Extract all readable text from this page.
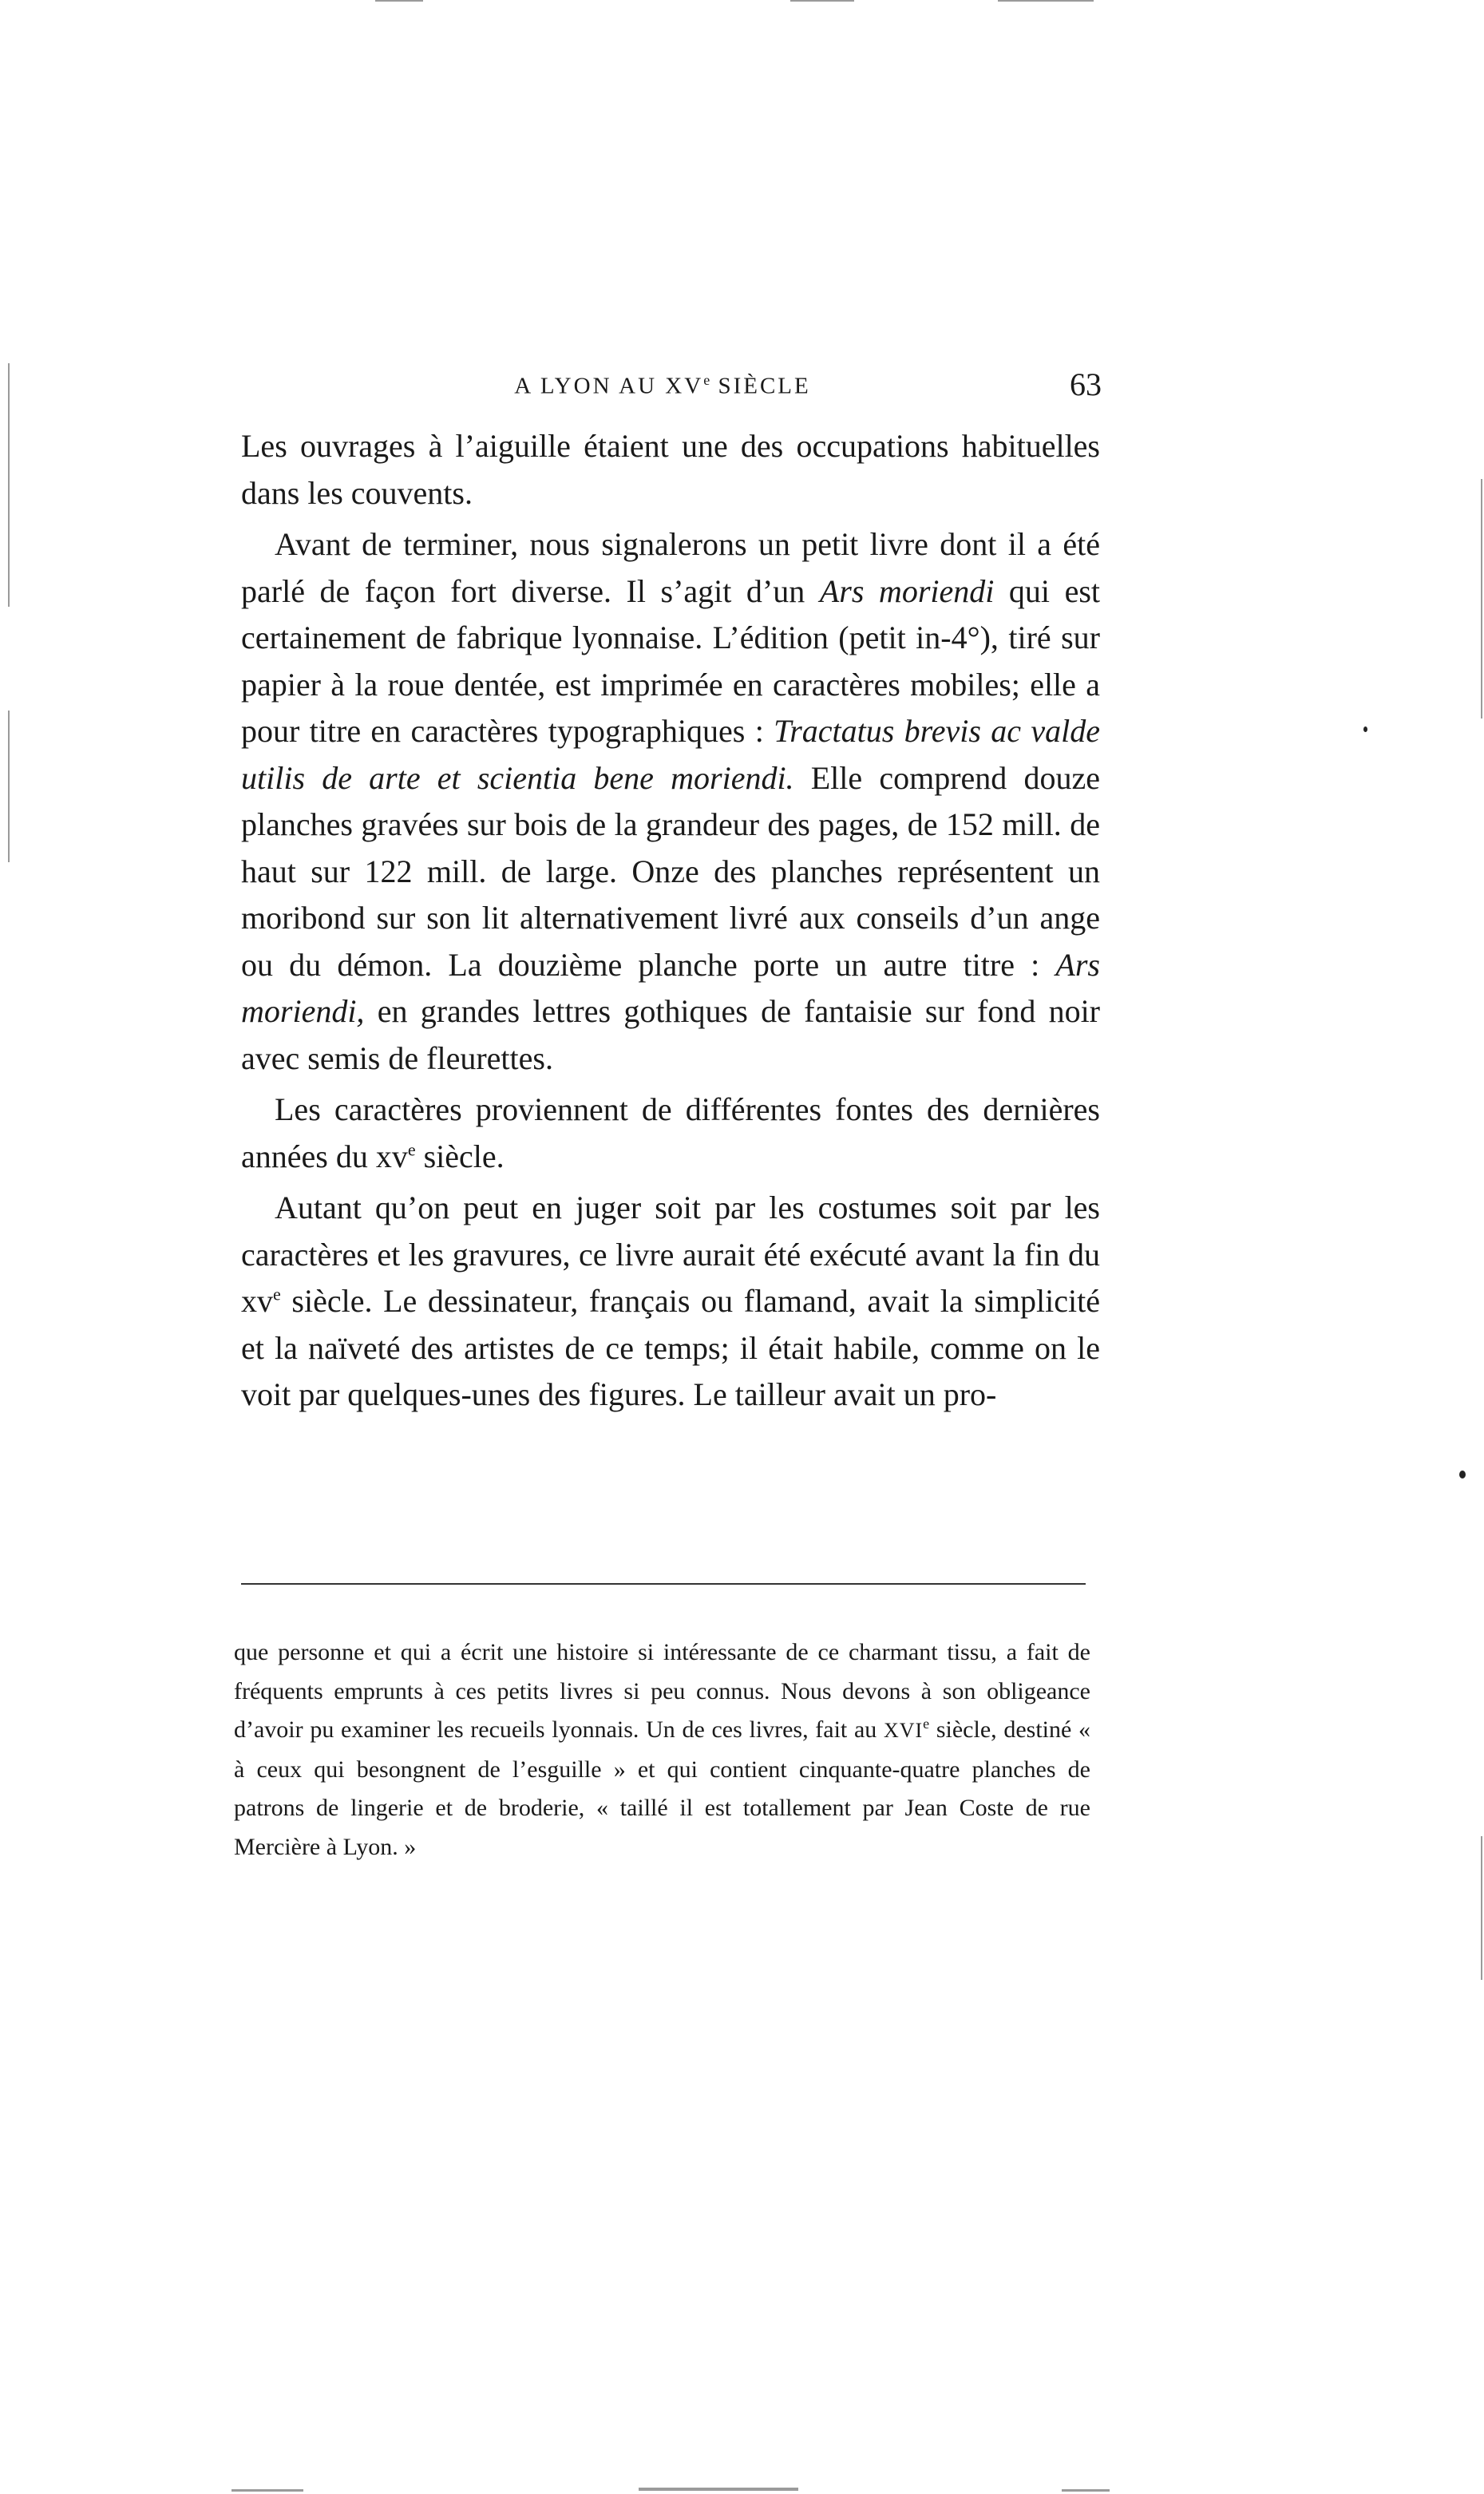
A LYON AU XVe SIÈCLE	63

Les ouvrages à l’aiguille étaient une des occupations habituelles dans les couvents.

Avant de terminer, nous signalerons un petit livre dont il a été parlé de façon fort diverse. Il s’agit d’un Ars moriendi qui est certainement de fabrique lyonnaise. L’édition (petit in-4°), tiré sur papier à la roue dentée, est imprimée en caractères mobiles; elle a pour titre en caractères typographiques : Tractatus brevis ac valde utilis de arte et scientia bene moriendi. Elle comprend douze planches gravées sur bois de la grandeur des pages, de 152 mill. de haut sur 122 mill. de large. Onze des planches représentent un moribond sur son lit alternativement livré aux conseils d’un ange ou du démon. La douzième planche porte un autre titre : Ars moriendi, en grandes lettres gothiques de fantaisie sur fond noir avec semis de fleurettes.

Les caractères proviennent de différentes fontes des dernières années du $xv^e$ siècle.

Autant qu’on peut en juger soit par les costumes soit par les caractères et les gravures, ce livre aurait été exécuté avant la fin du $xv^e$ siècle. Le dessinateur, français ou flamand, avait la simplicité et la naïveté des artistes de ce temps; il était habile, comme on le voit par quelques-unes des figures. Le tailleur avait un pro-

que personne et qui a écrit une histoire si intéressante de ce charmant tissu, a fait de fréquents emprunts à ces petits livres si peu connus. Nous devons à son obligeance d’avoir pu examiner les recueils lyonnais. Un de ces livres, fait au XVIe siècle, destiné « à ceux qui besongnent de l’esguille » et qui contient cinquante-quatre planches de patrons de lingerie et de broderie, « taillé il est totallement par Jean Coste de rue Mercière à Lyon. »
